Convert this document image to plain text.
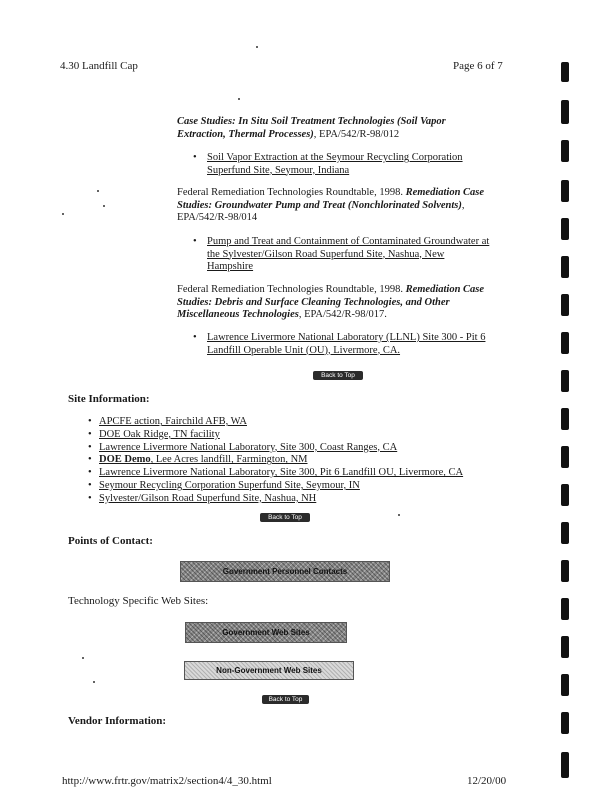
4.30 Landfill Cap	Page 6 of 7
Case Studies: In Situ Soil Treatment Technologies (Soil Vapor Extraction, Thermal Processes), EPA/542/R-98/012
• Soil Vapor Extraction at the Seymour Recycling Corporation Superfund Site, Seymour, Indiana
Federal Remediation Technologies Roundtable, 1998. Remediation Case Studies: Groundwater Pump and Treat (Nonchlorinated Solvents), EPA/542/R-98/014
• Pump and Treat and Containment of Contaminated Groundwater at the Sylvester/Gilson Road Superfund Site, Nashua, New Hampshire
Federal Remediation Technologies Roundtable, 1998. Remediation Case Studies: Debris and Surface Cleaning Technologies, and Other Miscellaneous Technologies, EPA/542/R-98/017.
• Lawrence Livermore National Laboratory (LLNL) Site 300 - Pit 6 Landfill Operable Unit (OU), Livermore, CA.
Back to Top
Site Information:
• APCFE action, Fairchild AFB, WA
• DOE Oak Ridge, TN facility
• Lawrence Livermore National Laboratory, Site 300, Coast Ranges, CA
• DOE Demo, Lee Acres landfill, Farmington, NM
• Lawrence Livermore National Laboratory, Site 300, Pit 6 Landfill OU, Livermore, CA
• Seymour Recycling Corporation Superfund Site, Seymour, IN
• Sylvester/Gilson Road Superfund Site, Nashua, NH
Back to Top
Points of Contact:
Government Personnel Contacts
Technology Specific Web Sites:
Government Web Sites
Non-Government Web Sites
Back to Top
Vendor Information:
http://www.frtr.gov/matrix2/section4/4_30.html	12/20/00
